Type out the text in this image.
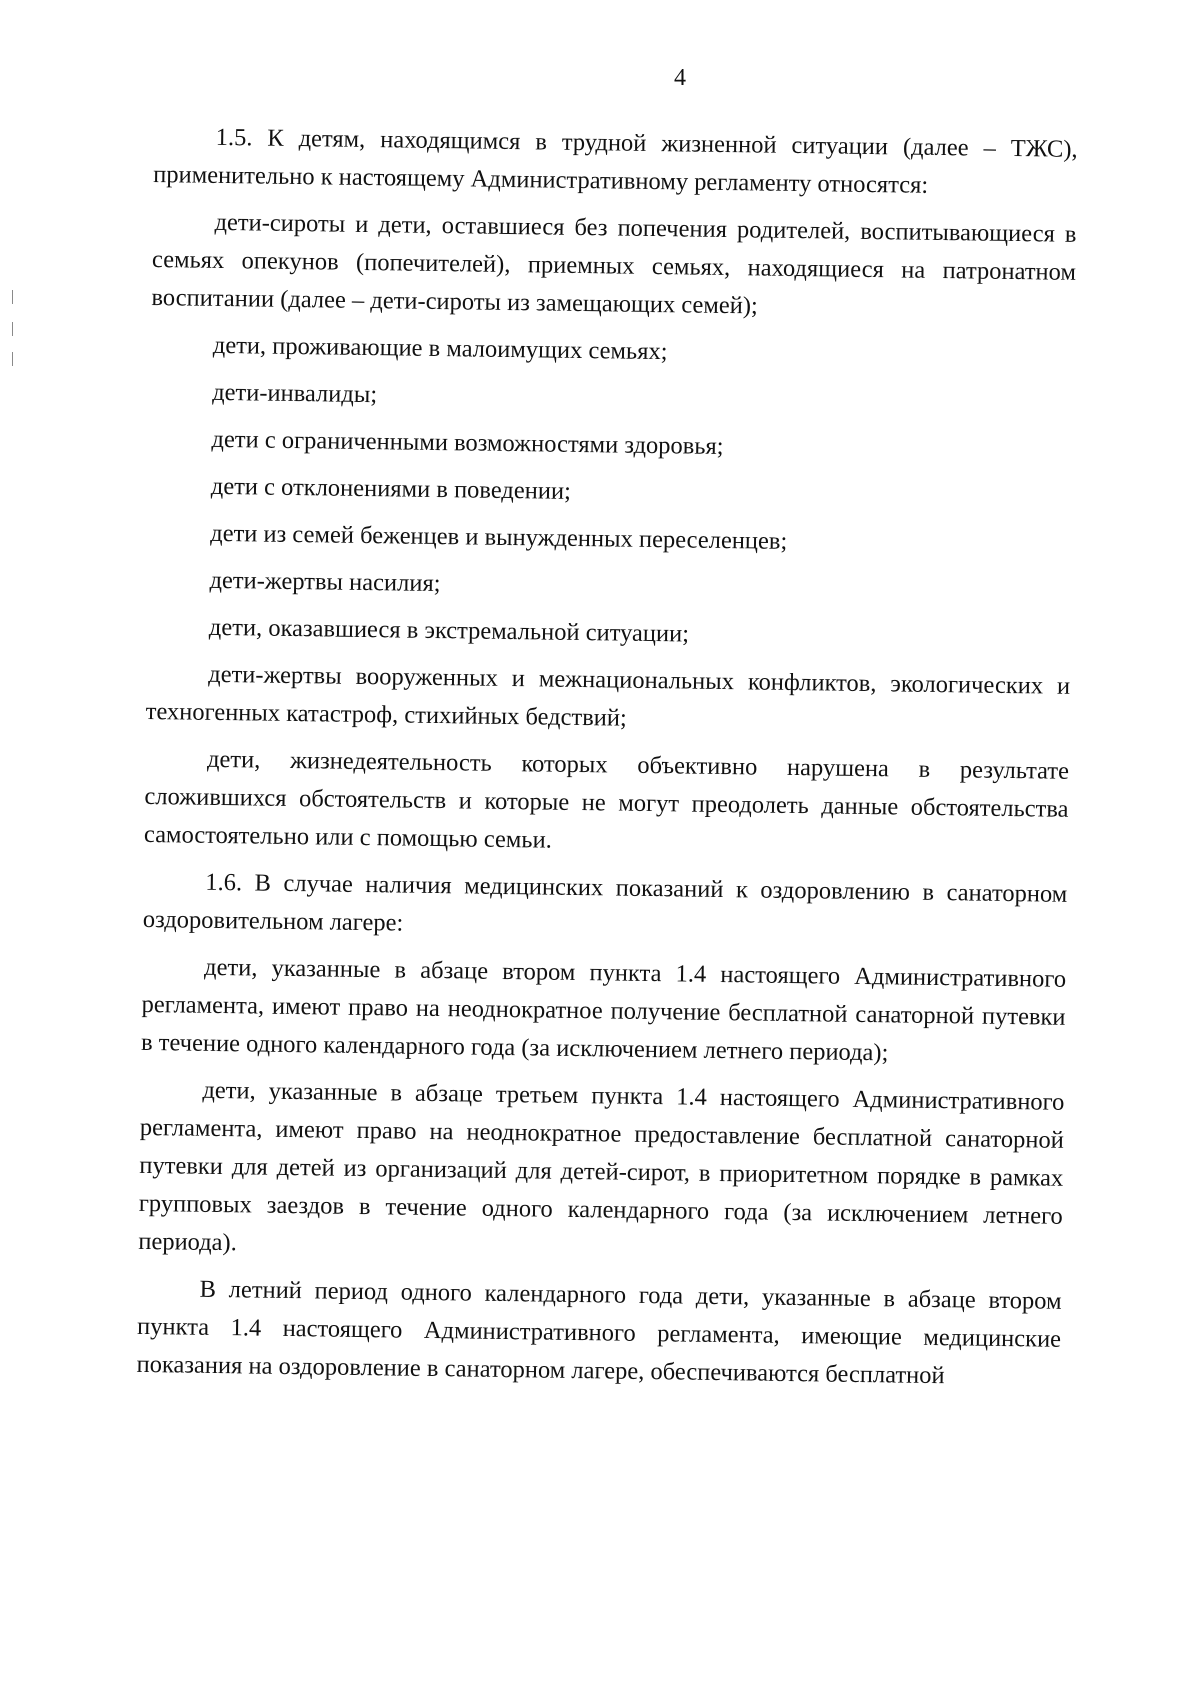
4

1.5. К детям, находящимся в трудной жизненной ситуации (далее – ТЖС), применительно к настоящему Административному регламенту относятся:

дети-сироты и дети, оставшиеся без попечения родителей, воспитывающиеся в семьях опекунов (попечителей), приемных семьях, находящиеся на патронатном воспитании (далее – дети-сироты из замещающих семей);

дети, проживающие в малоимущих семьях;

дети-инвалиды;

дети с ограниченными возможностями здоровья;

дети с отклонениями в поведении;

дети из семей беженцев и вынужденных переселенцев;

дети-жертвы насилия;

дети, оказавшиеся в экстремальной ситуации;

дети-жертвы вооруженных и межнациональных конфликтов, экологических и техногенных катастроф, стихийных бедствий;

дети, жизнедеятельность которых объективно нарушена в результате сложившихся обстоятельств и которые не могут преодолеть данные обстоятельства самостоятельно или с помощью семьи.

1.6. В случае наличия медицинских показаний к оздоровлению в санаторном оздоровительном лагере:

дети, указанные в абзаце втором пункта 1.4 настоящего Административного регламента, имеют право на неоднократное получение бесплатной санаторной путевки в течение одного календарного года (за исключением летнего периода);

дети, указанные в абзаце третьем пункта 1.4 настоящего Административного регламента, имеют право на неоднократное предоставление бесплатной санаторной путевки для детей из организаций для детей-сирот, в приоритетном порядке в рамках групповых заездов в течение одного календарного года (за исключением летнего периода).

В летний период одного календарного года дети, указанные в абзаце втором пункта 1.4 настоящего Административного регламента, имеющие медицинские показания на оздоровление в санаторном лагере, обеспечиваются бесплатной
